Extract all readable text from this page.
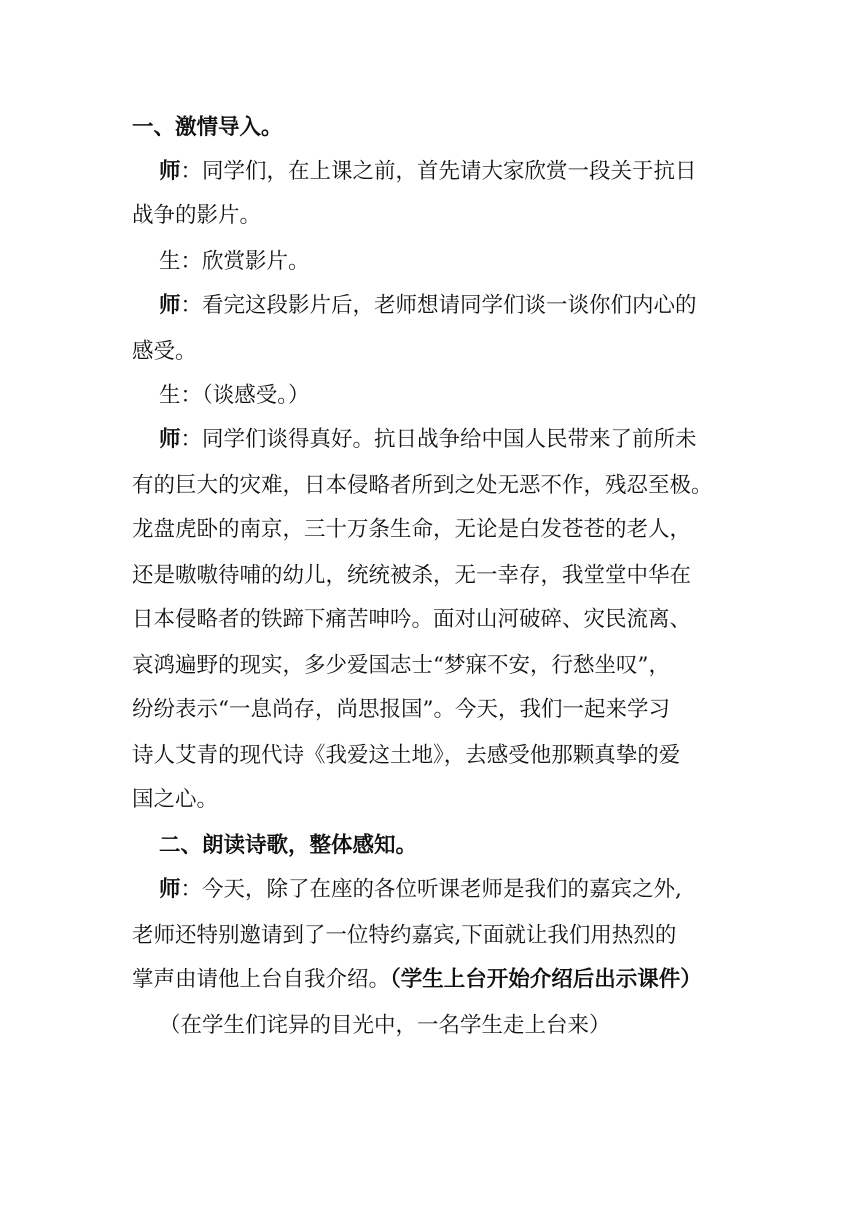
一、激情导入。
师：同学们，在上课之前，首先请大家欣赏一段关于抗日
战争的影片。
生：欣赏影片。
师：看完这段影片后，老师想请同学们谈一谈你们内心的
感受。
生：（谈感受。）
师：同学们谈得真好。抗日战争给中国人民带来了前所未
有的巨大的灾难，日本侵略者所到之处无恶不作，残忍至极。
龙盘虎卧的南京，三十万条生命，无论是白发苍苍的老人，
还是嗷嗷待哺的幼儿，统统被杀，无一幸存，我堂堂中华在
日本侵略者的铁蹄下痛苦呻吟。面对山河破碎、灾民流离、
哀鸿遍野的现实，多少爱国志士“梦寐不安，行愁坐叹”，
纷纷表示“一息尚存，尚思报国”。今天，我们一起来学习
诗人艾青的现代诗《我爱这土地》，去感受他那颗真挚的爱
国之心。
二、朗读诗歌，整体感知。
师：今天，除了在座的各位听课老师是我们的嘉宾之外,
老师还特别邀请到了一位特约嘉宾,下面就让我们用热烈的
掌声由请他上台自我介绍。（学生上台开始介绍后出示课件）
（在学生们诧异的目光中，一名学生走上台来）
